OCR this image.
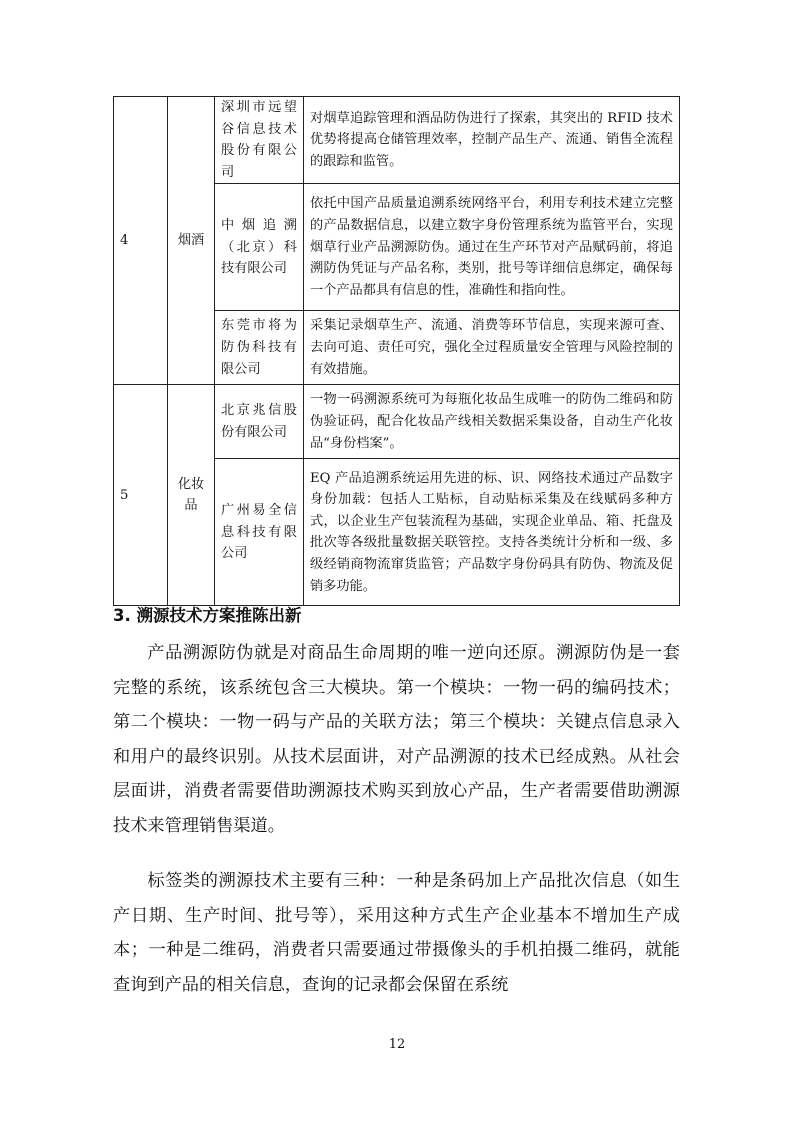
4	烟酒	深圳市远望谷信息技术股份有限公司	对烟草追踪管理和酒品防伪进行了探索，其突出的 RFID 技术优势将提高仓储管理效率，控制产品生产、流通、销售全流程的跟踪和监管。
		中烟追溯（北京）科技有限公司	依托中国产品质量追溯系统网络平台，利用专利技术建立完整的产品数据信息，以建立数字身份管理系统为监管平台，实现烟草行业产品溯源防伪。通过在生产环节对产品赋码前，将追溯防伪凭证与产品名称，类别，批号等详细信息绑定，确保每一个产品都具有信息的性，准确性和指向性。
		东莞市将为防伪科技有限公司	采集记录烟草生产、流通、消费等环节信息，实现来源可查、去向可追、责任可究，强化全过程质量安全管理与风险控制的有效措施。
5	化妆品	北京兆信股份有限公司	一物一码溯源系统可为每瓶化妆品生成唯一的防伪二维码和防伪验证码，配合化妆品产线相关数据采集设备，自动生产化妆品“身份档案”。
		广州易全信息科技有限公司	EQ 产品追溯系统运用先进的标、识、网络技术通过产品数字身份加载：包括人工贴标，自动贴标采集及在线赋码多种方式，以企业生产包装流程为基础，实现企业单品、箱、托盘及批次等各级批量数据关联管控。支持各类统计分析和一级、多级经销商物流窜货监管；产品数字身份码具有防伪、物流及促销多功能。
3. 溯源技术方案推陈出新

产品溯源防伪就是对商品生命周期的唯一逆向还原。溯源防伪是一套完整的系统，该系统包含三大模块。第一个模块：一物一码的编码技术；第二个模块：一物一码与产品的关联方法；第三个模块：关键点信息录入和用户的最终识别。从技术层面讲，对产品溯源的技术已经成熟。从社会层面讲，消费者需要借助溯源技术购买到放心产品，生产者需要借助溯源技术来管理销售渠道。

标签类的溯源技术主要有三种：一种是条码加上产品批次信息（如生产日期、生产时间、批号等），采用这种方式生产企业基本不增加生产成本；一种是二维码，消费者只需要通过带摄像头的手机拍摄二维码，就能查询到产品的相关信息，查询的记录都会保留在系统

12
